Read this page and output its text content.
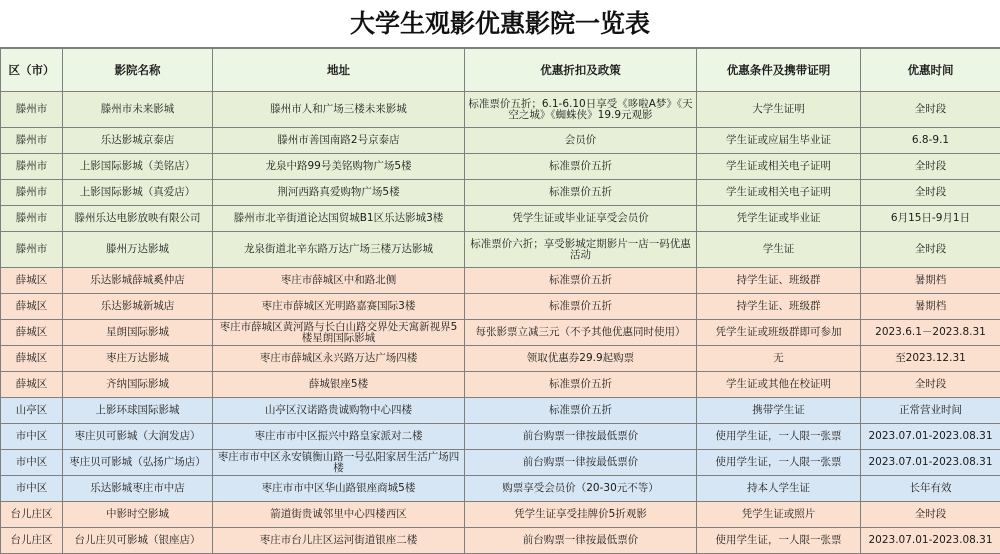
大学生观影优惠影院一览表
区（市）	影院名称	地址	优惠折扣及政策	优惠条件及携带证明	优惠时间
滕州市	滕州市未来影城	滕州市人和广场三楼未来影城	标准票价五折；6.1-6.10日享受《哆啦A梦》《天空之城》《蜘蛛侠》19.9元观影	大学生证明	全时段
滕州市	乐达影城京泰店	滕州市善国南路2号京泰店	会员价	学生证或应届生毕业证	6.8-9.1
滕州市	上影国际影城（美铭店）	龙泉中路99号美铭购物广场5楼	标准票价五折	学生证或相关电子证明	全时段
滕州市	上影国际影城（真爱店）	荆河西路真爱购物广场5楼	标准票价五折	学生证或相关电子证明	全时段
滕州市	滕州乐达电影放映有限公司	滕州市北辛街道论达国贸城B1区乐达影城3楼	凭学生证或毕业证享受会员价	凭学生证或毕业证	6月15日-9月1日
滕州市	滕州万达影城	龙泉街道北辛东路万达广场三楼万达影城	标准票价六折；享受影城定期影片一店一码优惠活动	学生证	全时段
薛城区	乐达影城薛城奚仲店	枣庄市薛城区中和路北侧	标准票价五折	持学生证、班级群	暑期档
薛城区	乐达影城新城店	枣庄市薛城区光明路嘉赛国际3楼	标准票价五折	持学生证、班级群	暑期档
薛城区	星朗国际影城	枣庄市薛城区黄河路与长白山路交界处天寓新视界5楼星朗国际影城	每张影票立减三元（不予其他优惠同时使用）	凭学生证或班级群即可参加	2023.6.1－2023.8.31
薛城区	枣庄万达影城	枣庄市薛城区永兴路万达广场四楼	领取优惠券29.9起购票	无	至2023.12.31
薛城区	齐纳国际影城	薛城银座5楼	标准票价五折	学生证或其他在校证明	全时段
山亭区	上影环球国际影城	山亭区汉诺路贵诚购物中心四楼	标准票价五折	携带学生证	正常营业时间
市中区	枣庄贝可影城（大润发店）	枣庄市市中区振兴中路皇家派对二楼	前台购票一律按最低票价	使用学生证，一人限一张票	2023.07.01-2023.08.31
市中区	枣庄贝可影城（弘扬广场店）	枣庄市市中区永安镇衡山路一号弘阳家居生活广场四楼	前台购票一律按最低票价	使用学生证，一人限一张票	2023.07.01-2023.08.31
市中区	乐达影城枣庄市中店	枣庄市市中区华山路银座商城5楼	购票享受会员价（20-30元不等）	持本人学生证	长年有效
台儿庄区	中影时空影城	箭道街贵诚邻里中心四楼西区	凭学生证享受挂牌价5折观影	凭学生证或照片	全时段
台儿庄区	台儿庄贝可影城（银座店）	枣庄市台儿庄区运河街道银座二楼	前台购票一律按最低票价	使用学生证，一人限一张票	2023.07.01-2023.08.31
